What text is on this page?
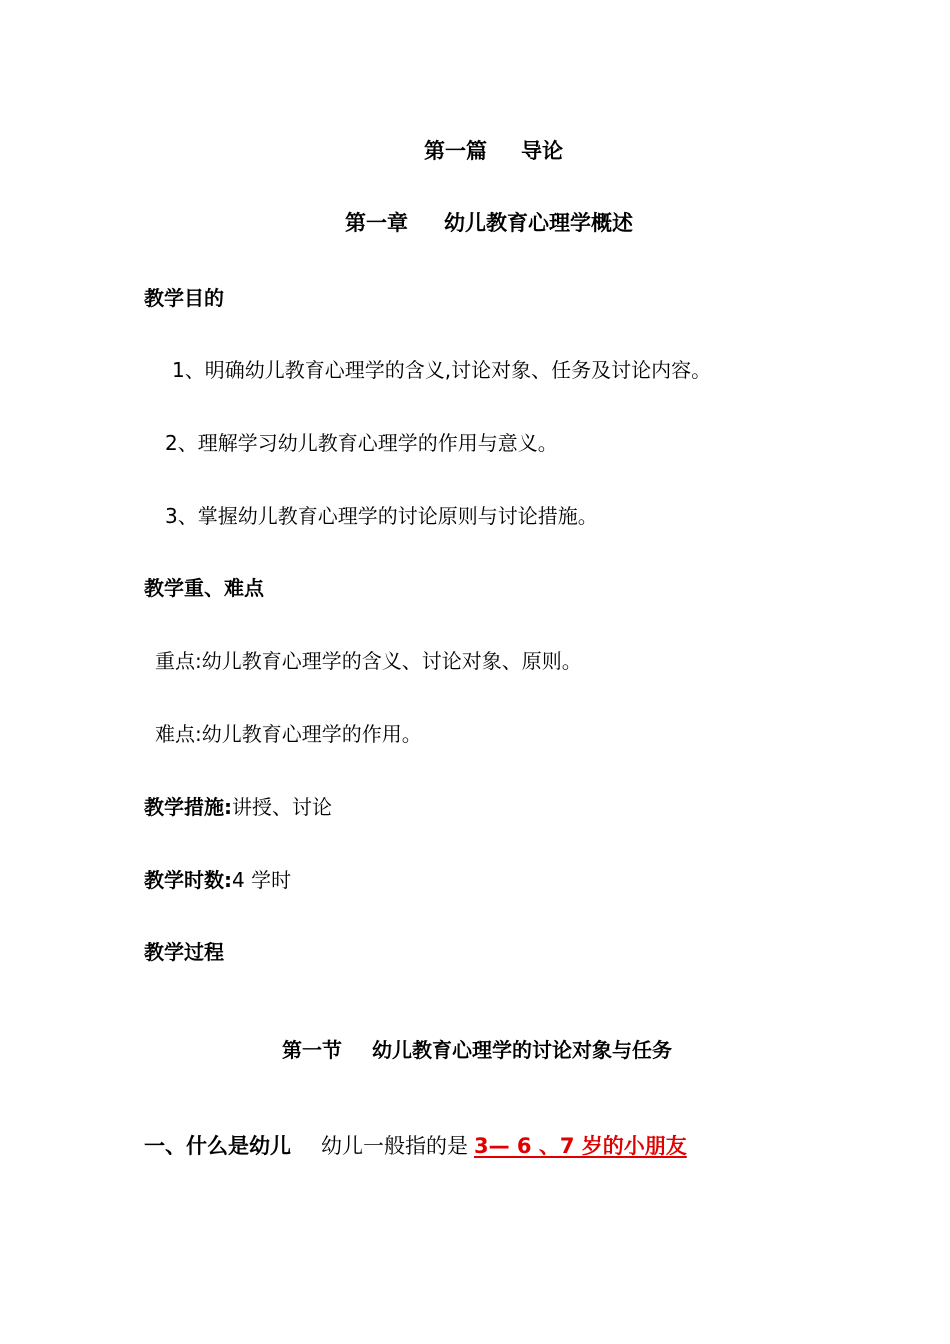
第一篇 导论
第一章 幼儿教育心理学概述
教学目的
1、明确幼儿教育心理学的含义,讨论对象、任务及讨论内容。
2、理解学习幼儿教育心理学的作用与意义。
3、掌握幼儿教育心理学的讨论原则与讨论措施。
教学重、难点
重点:幼儿教育心理学的含义、讨论对象、原则。
难点:幼儿教育心理学的作用。
教学措施:讲授、讨论
教学时数:4 学时
教学过程
第一节 幼儿教育心理学的讨论对象与任务
一、什么是幼儿 幼儿一般指的是 3— 6 、7 岁的小朋友
